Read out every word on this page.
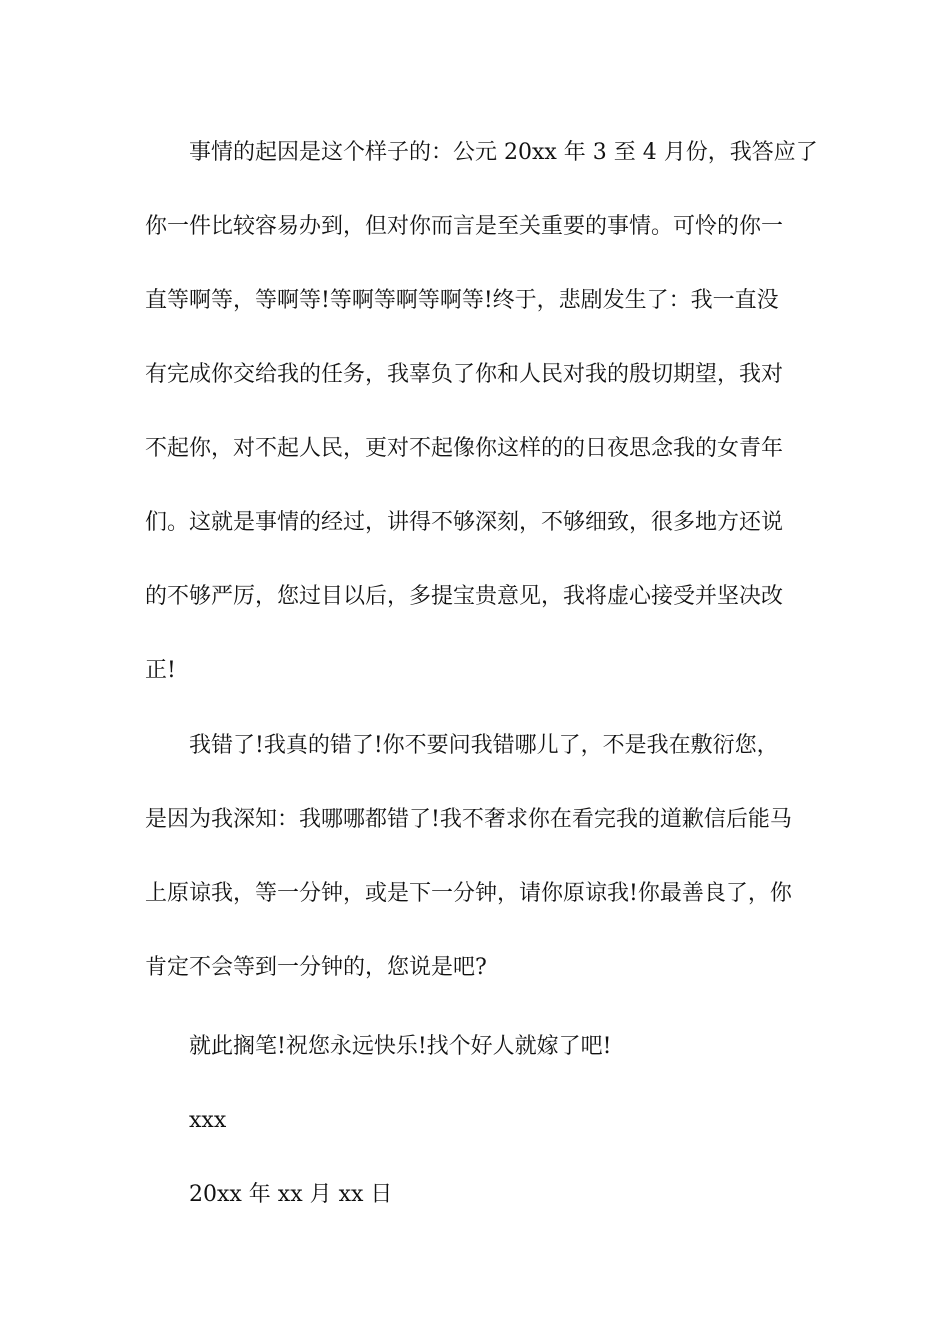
事情的起因是这个样子的：公元 20xx 年 3 至 4 月份，我答应了

你一件比较容易办到，但对你而言是至关重要的事情。可怜的你一

直等啊等，等啊等!等啊等啊等啊等!终于，悲剧发生了：我一直没

有完成你交给我的任务，我辜负了你和人民对我的殷切期望，我对

不起你，对不起人民，更对不起像你这样的的日夜思念我的女青年

们。这就是事情的经过，讲得不够深刻，不够细致，很多地方还说

的不够严厉，您过目以后，多提宝贵意见，我将虚心接受并坚决改

正!

我错了!我真的错了!你不要问我错哪儿了，不是我在敷衍您，

是因为我深知：我哪哪都错了!我不奢求你在看完我的道歉信后能马

上原谅我，等一分钟，或是下一分钟，请你原谅我!你最善良了，你

肯定不会等到一分钟的，您说是吧?

就此搁笔!祝您永远快乐!找个好人就嫁了吧!

xxx

20xx 年 xx 月 xx 日
